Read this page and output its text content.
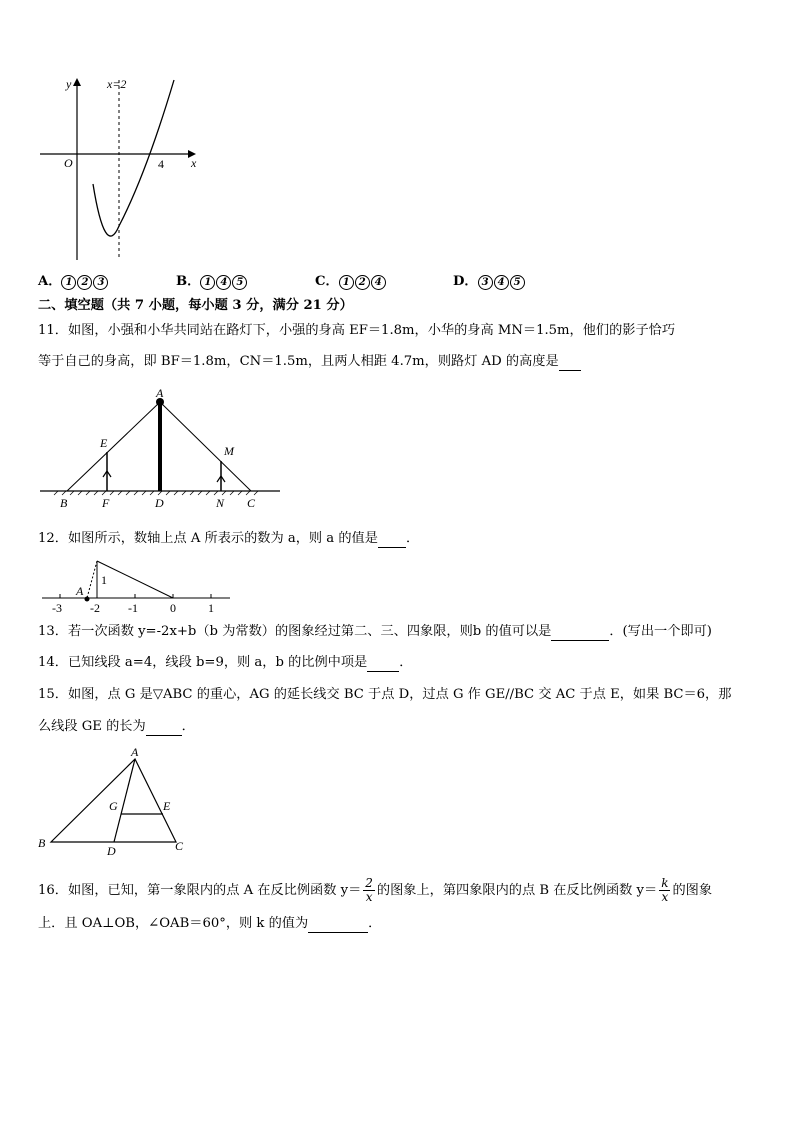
y
x
O
x=2
4
A． 1 2 3	B． 1 4 5	C． 1 2 4	D． 3 4 5
二、填空题（共 7 小题，每小题 3 分，满分 21 分）
11．如图，小强和小华共同站在路灯下，小强的身高 EF＝1.8m，小华的身高 MN＝1.5m，他们的影子恰巧
等于自己的身高，即 BF＝1.8m，CN＝1.5m，且两人相距 4.7m，则路灯 AD 的高度是
A
E
M
B	F	D	N C
12．如图所示，数轴上点 A 所表示的数为 a，则 a 的值是 ．
1
A
-3 -2 -1	0	1
13．若一次函数 y=-2x+b（b 为常数）的图象经过第二、三、四象限，则b 的值可以是	．(写出一个即可)
14．已知线段 a=4，线段 b=9，则 a，b 的比例中项是 ．
15．如图，点 G 是▽ABC 的重心，AG 的延长线交 BC 于点 D，过点 G 作 GE//BC 交 AC 于点 E，如果 BC＝6，那
么线段 GE 的长为	．
A
G	E
B
D	C
16．如图，已知，第一象限内的点 A 在反比例函数 $y= \frac{2}{x}$ 的图象上，第四象限内的点 B 在反比例函数 $y= \frac{k}{x}$ 的图象
上．且 OA⊥OB，∠OAB＝60°，则 k 的值为	．
